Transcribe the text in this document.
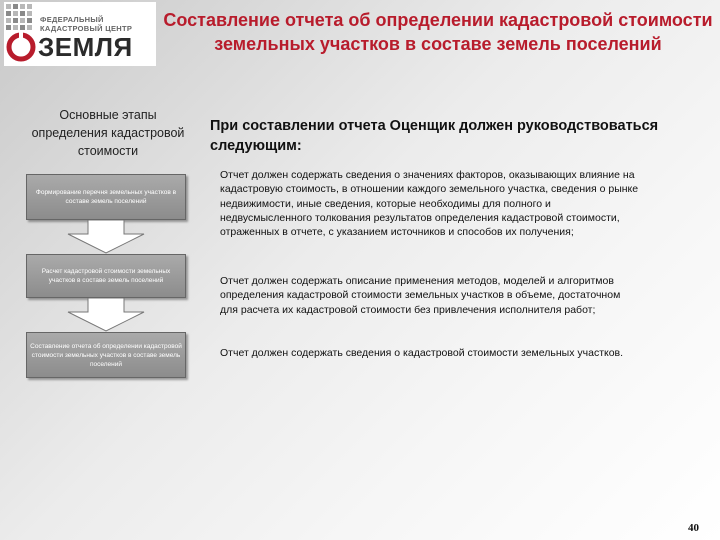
ФЕДЕРАЛЬНЫЙ
КАДАСТРОВЫЙ ЦЕНТР
ЗЕМЛЯ
Составление отчета об определении кадастровой стоимости земельных участков в составе земель поселений
Основные этапы определения кадастровой стоимости
Формирование перечня земельных участков в составе земель поселений
Расчет кадастровой стоимости земельных участков в составе земель поселений
Составление отчета об определении кадастровой стоимости земельных участков в составе земель поселений
При составлении отчета Оценщик должен руководствоваться следующим:
Отчет должен содержать сведения о значениях факторов, оказывающих влияние на кадастровую стоимость, в отношении каждого земельного участка, сведения о рынке недвижимости, иные сведения, которые необходимы для полного и недвусмысленного толкования результатов определения кадастровой стоимости, отраженных в отчете, с указанием источников и способов их получения;
Отчет должен содержать описание применения методов, моделей и алгоритмов определения кадастровой стоимости земельных участков в объеме, достаточном для расчета их кадастровой стоимости без привлечения исполнителя работ;
Отчет должен содержать сведения о кадастровой стоимости земельных участков.
40
